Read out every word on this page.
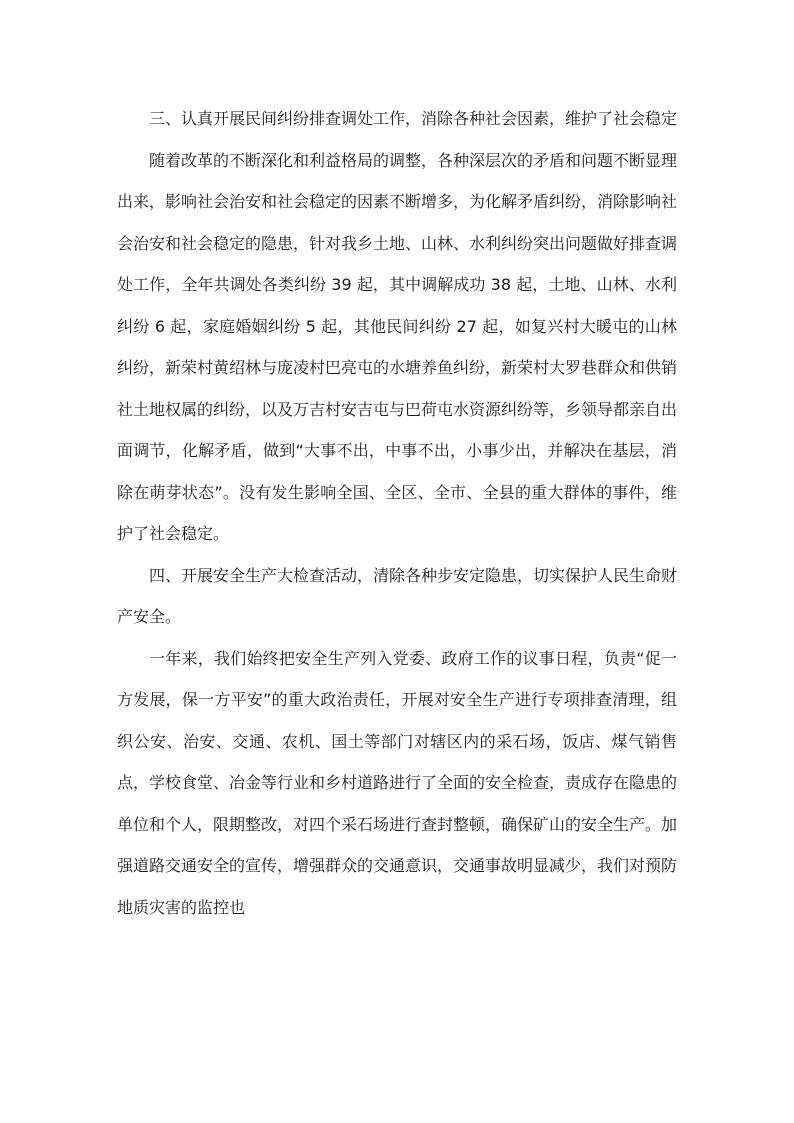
三、认真开展民间纠纷排查调处工作，消除各种社会因素，维护了社会稳定

随着改革的不断深化和利益格局的调整，各种深层次的矛盾和问题不断显理出来，影响社会治安和社会稳定的因素不断增多，为化解矛盾纠纷，消除影响社会治安和社会稳定的隐患，针对我乡土地、山林、水利纠纷突出问题做好排查调处工作，全年共调处各类纠纷 39 起，其中调解成功 38 起，土地、山林、水利纠纷 6 起，家庭婚姻纠纷 5 起，其他民间纠纷 27 起，如复兴村大暖屯的山林纠纷，新荣村黄绍林与庞凌村巴亮屯的水塘养鱼纠纷，新荣村大罗巷群众和供销社土地权属的纠纷，以及万吉村安吉屯与巴荷屯水资源纠纷等，乡领导都亲自出面调节，化解矛盾，做到“大事不出，中事不出，小事少出，并解决在基层，消除在萌芽状态”。没有发生影响全国、全区、全市、全县的重大群体的事件，维护了社会稳定。

四、开展安全生产大检查活动，清除各种步安定隐患，切实保护人民生命财产安全。

一年来，我们始终把安全生产列入党委、政府工作的议事日程，负责“促一方发展，保一方平安”的重大政治责任，开展对安全生产进行专项排查清理，组织公安、治安、交通、农机、国土等部门对辖区内的采石场，饭店、煤气销售点，学校食堂、冶金等行业和乡村道路进行了全面的安全检查，责成存在隐患的单位和个人，限期整改，对四个采石场进行查封整顿，确保矿山的安全生产。加强道路交通安全的宣传，增强群众的交通意识，交通事故明显减少，我们对预防地质灾害的监控也
